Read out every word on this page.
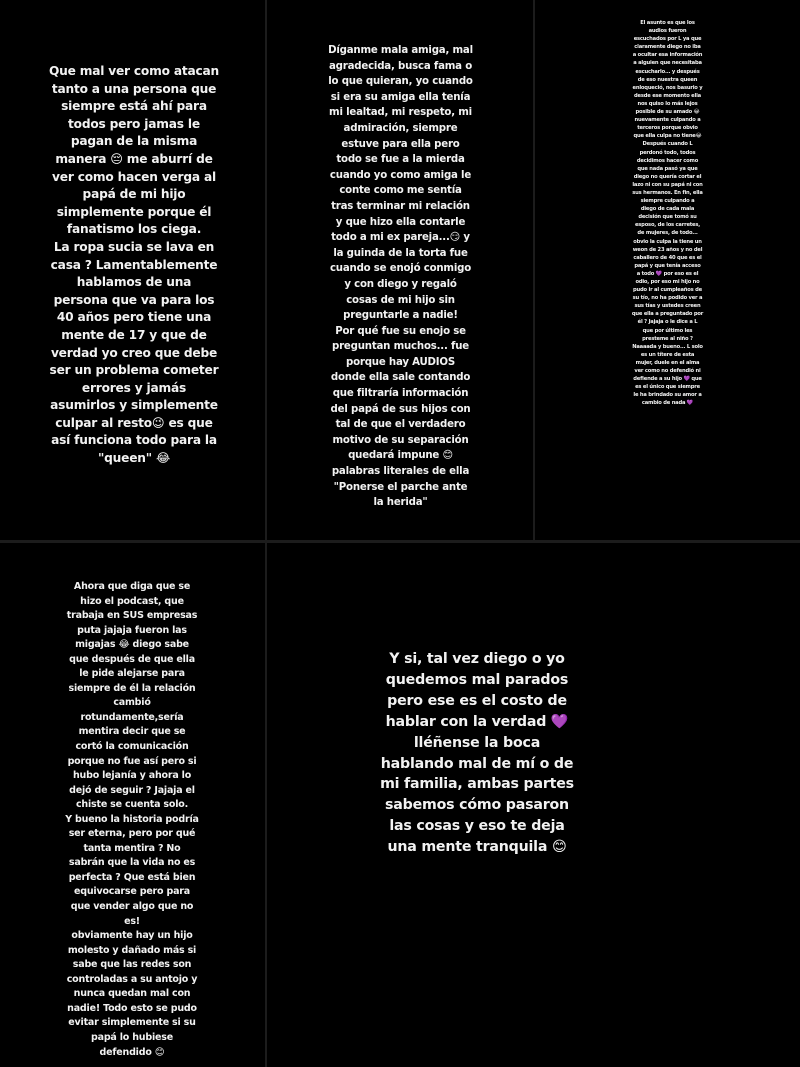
Que mal ver como atacan
tanto a una persona que
siempre está ahí para
todos pero jamas le
pagan de la misma
manera 😔 me aburrí de
ver como hacen verga al
papá de mi hijo
simplemente porque él
fanatismo los ciega.
La ropa sucia se lava en
casa ? Lamentablemente
hablamos de una
persona que va para los
40 años pero tiene una
mente de 17 y que de
verdad yo creo que debe
ser un problema cometer
errores y jamás
asumirlos y simplemente
culpar al resto😉 es que
así funciona todo para la
"queen" 😂

Díganme mala amiga, mal
agradecida, busca fama o
lo que quieran, yo cuando
si era su amiga ella tenía
mi lealtad, mi respeto, mi
admiración, siempre
estuve para ella pero
todo se fue a la mierda
cuando yo como amiga le
conte como me sentía
tras terminar mi relación
y que hizo ella contarle
todo a mi ex pareja...😏 y
la guinda de la torta fue
cuando se enojó conmigo
y con diego y regaló
cosas de mi hijo sin
preguntarle a nadie!
Por qué fue su enojo se
preguntan muchos... fue
porque hay AUDIOS
donde ella sale contando
que filtraría información
del papá de sus hijos con
tal de que el verdadero
motivo de su separación
quedará impune 😊
palabras literales de ella
"Ponerse el parche ante
la herida"

El asunto es que los
audios fueron
escuchados por L ya que
claramente diego no iba
a ocultar esa información
a alguien que necesitaba
escucharlo... y después
de eso nuestra queen
enloqueció, nos basurio y
desde ese momento ella
nos quiso lo más lejos
posible de su amado 😂
nuevamente culpando a
terceros porque obvio
que ella culpa no tiene😂
Después cuando L
perdonó todo, todos
decidimos hacer como
que nada pasó ya que
diego no quería cortar el
lazo ni con su papá ni con
sus hermanos. En fin, ella
siempre culpando a
diego de cada mala
decisión que tomó su
esposo, de los carretes,
de mujeres, de todo...
obvio la culpa la tiene un
weon de 23 años y no del
caballero de 40 que es el
papá y que tenía acceso
a todo 💜 por eso es el
odio, por eso mi hijo no
pudo ir al cumpleaños de
su tío, no ha podido ver a
sus tías y ustedes creen
que ella a preguntado por
él ? Jajaja o le dice a L
que por último les
presteme al niño ?
Naaaada y bueno... L solo
es un títere de esta
mujer, duele en el alma
ver como no defendió ni
defiende a su hijo 💜 que
es el único que siempre
le ha brindado su amor a
cambio de nada 💜

Ahora que diga que se
hizo el podcast, que
trabaja en SUS empresas
puta jajaja fueron las
migajas 😂 diego sabe
que después de que ella
le pide alejarse para
siempre de él la relación
cambió
rotundamente,sería
mentira decir que se
cortó la comunicación
porque no fue así pero si
hubo lejanía y ahora lo
dejó de seguir ? Jajaja el
chiste se cuenta solo.
Y bueno la historia podría
ser eterna, pero por qué
tanta mentira ? No
sabrán que la vida no es
perfecta ? Que está bien
equivocarse pero para
que vender algo que no
es!
obviamente hay un hijo
molesto y dañado más si
sabe que las redes son
controladas a su antojo y
nunca quedan mal con
nadie! Todo esto se pudo
evitar simplemente si su
papá lo hubiese
defendido 😊

Y si, tal vez diego o yo
quedemos mal parados
pero ese es el costo de
hablar con la verdad 💜
lléñense la boca
hablando mal de mí o de
mi familia, ambas partes
sabemos cómo pasaron
las cosas y eso te deja
una mente tranquila 😊
